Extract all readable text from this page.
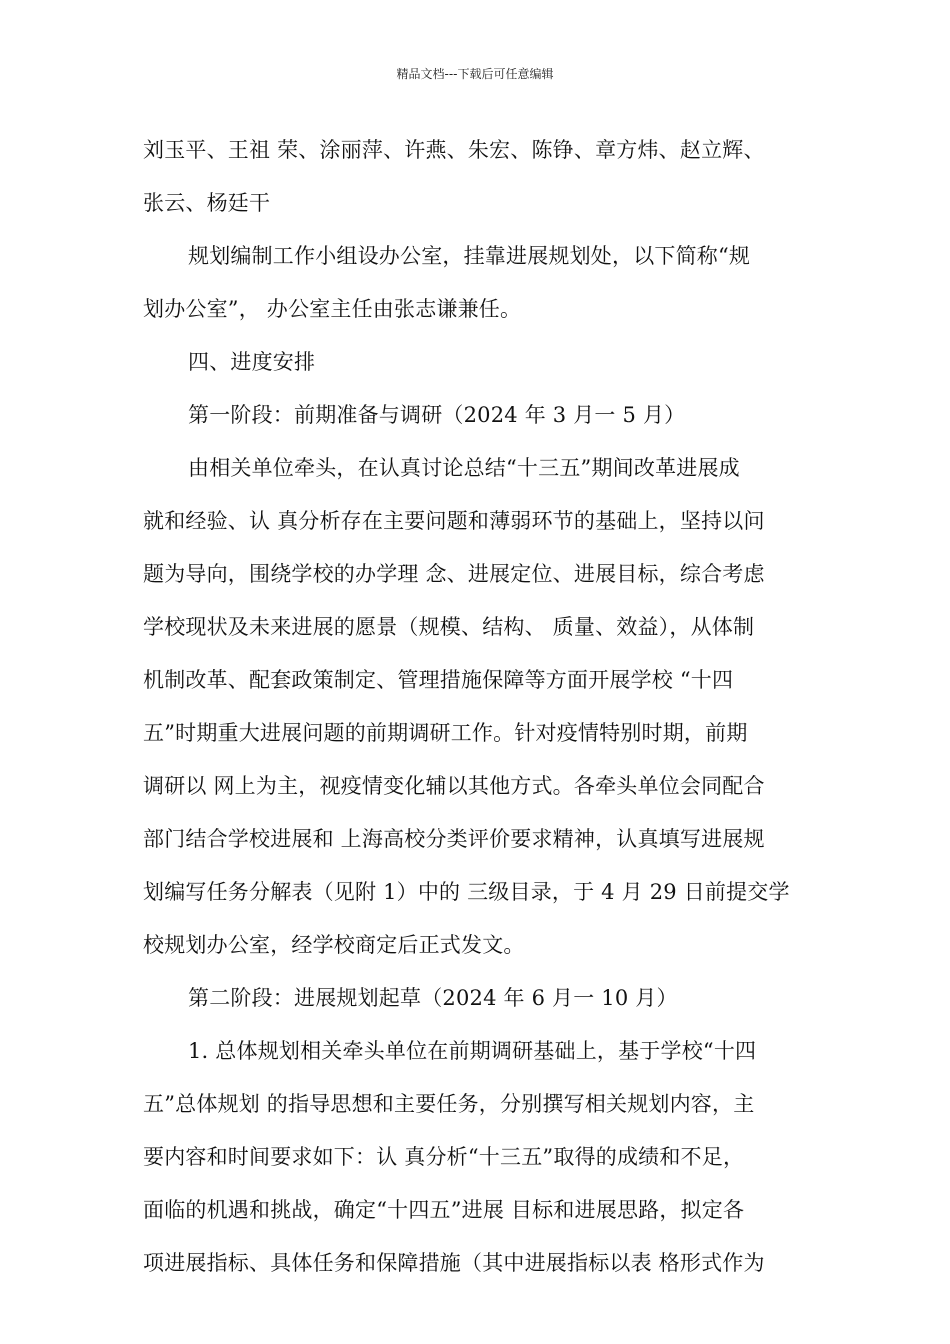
精品文档---下载后可任意编辑
刘玉平、王祖 荣、涂丽萍、许燕、朱宏、陈铮、章方炜、赵立辉、
张云、杨廷干
规划编制工作小组设办公室，挂靠进展规划处，以下简称“规
划办公室”， 办公室主任由张志谦兼任。
四、进度安排
第一阶段：前期准备与调研（2024 年 3 月一 5 月）
由相关单位牵头，在认真讨论总结“十三五”期间改革进展成
就和经验、认 真分析存在主要问题和薄弱环节的基础上，坚持以问
题为导向，围绕学校的办学理 念、进展定位、进展目标，综合考虑
学校现状及未来进展的愿景（规模、结构、 质量、效益），从体制
机制改革、配套政策制定、管理措施保障等方面开展学校 “十四
五”时期重大进展问题的前期调研工作。针对疫情特别时期，前期
调研以 网上为主，视疫情变化辅以其他方式。各牵头单位会同配合
部门结合学校进展和 上海高校分类评价要求精神，认真填写进展规
划编写任务分解表（见附 1）中的 三级目录，于 4 月 29 日前提交学
校规划办公室，经学校商定后正式发文。
第二阶段：进展规划起草（2024 年 6 月一 10 月）
1. 总体规划相关牵头单位在前期调研基础上，基于学校“十四
五”总体规划 的指导思想和主要任务，分别撰写相关规划内容，主
要内容和时间要求如下：认 真分析“十三五”取得的成绩和不足，
面临的机遇和挑战，确定“十四五”进展 目标和进展思路，拟定各
项进展指标、具体任务和保障措施（其中进展指标以表 格形式作为
